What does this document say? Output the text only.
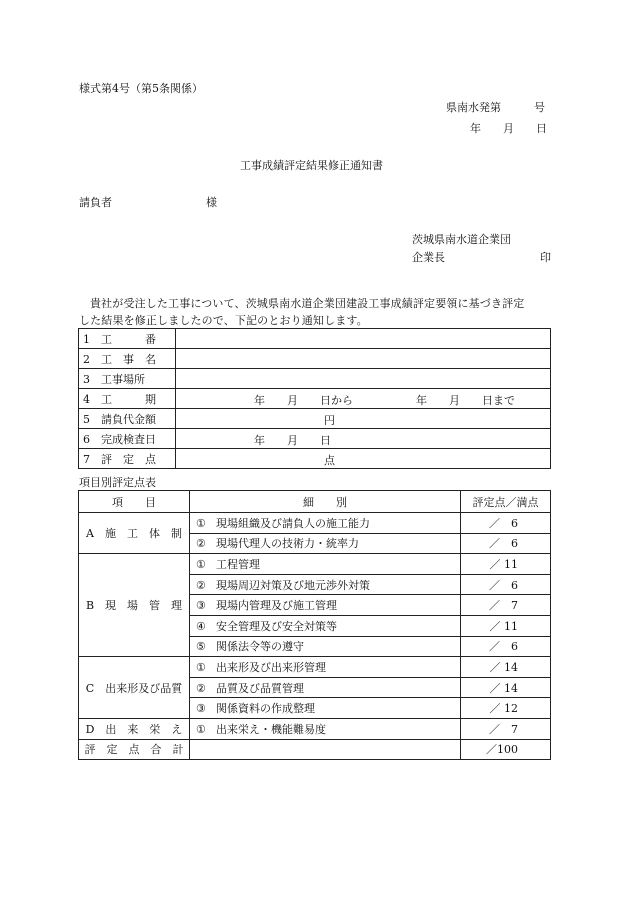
様式第4号（第5条関係）
県南水発第　　　号
年　　月　　日
工事成績評定結果修正通知書
請負者	様
茨城県南水道企業団
企業長	印
貴社が受注した工事について、茨城県南水道企業団建設工事成績評定要領に基づき評定
した結果を修正しましたので、下記のとおり通知します。
1　工　　　番	
2　工　事　名	
3　工事場所	
4　工　　　期	年　　月　　日から 年　　月　　日まで

5　請負代金額	円

6　完成検査日	年　　月　　日

7　評　定　点	点
項目別評定点表
項　　目	細　　別	評定点／満点
A　施　工　体　制	① 現場組織及び請負人の施工能力	／　6
	② 現場代理人の技術力・統率力	／　6
B　現　場　管　理	① 工程管理	／ 11
	② 現場周辺対策及び地元渉外対策	／　6
	③ 現場内管理及び施工管理	／　7
	④ 安全管理及び安全対策等	／ 11
	⑤ 関係法令等の遵守	／　6
C　出来形及び品質	① 出来形及び出来形管理	／ 14
	② 品質及び品質管理	／ 14
	③ 関係資料の作成整理	／ 12
D　出　来　栄　え	① 出来栄え・機能難易度	／　7
評　定　点　合　計		／100
